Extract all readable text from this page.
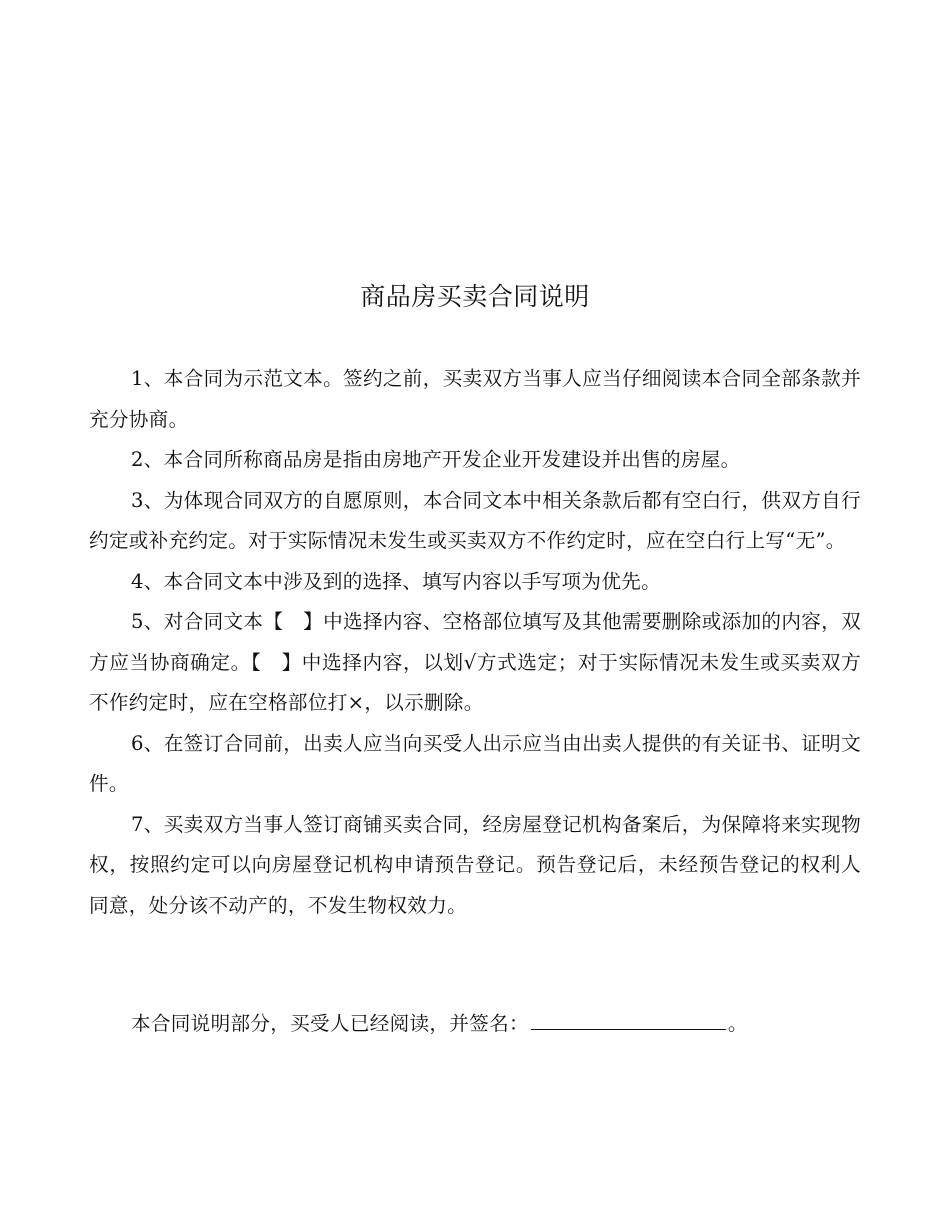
商品房买卖合同说明

1、本合同为示范文本。签约之前，买卖双方当事人应当仔细阅读本合同全部条款并充分协商。

2、本合同所称商品房是指由房地产开发企业开发建设并出售的房屋。

3、为体现合同双方的自愿原则，本合同文本中相关条款后都有空白行，供双方自行约定或补充约定。对于实际情况未发生或买卖双方不作约定时，应在空白行上写“无”。

4、本合同文本中涉及到的选择、填写内容以手写项为优先。

5、对合同文本【　】中选择内容、空格部位填写及其他需要删除或添加的内容，双方应当协商确定。【　】中选择内容，以划√方式选定；对于实际情况未发生或买卖双方不作约定时，应在空格部位打×，以示删除。

6、在签订合同前，出卖人应当向买受人出示应当由出卖人提供的有关证书、证明文件。

7、买卖双方当事人签订商铺买卖合同，经房屋登记机构备案后，为保障将来实现物权，按照约定可以向房屋登记机构申请预告登记。预告登记后，未经预告登记的权利人同意，处分该不动产的，不发生物权效力。

本合同说明部分，买受人已经阅读，并签名：	。
